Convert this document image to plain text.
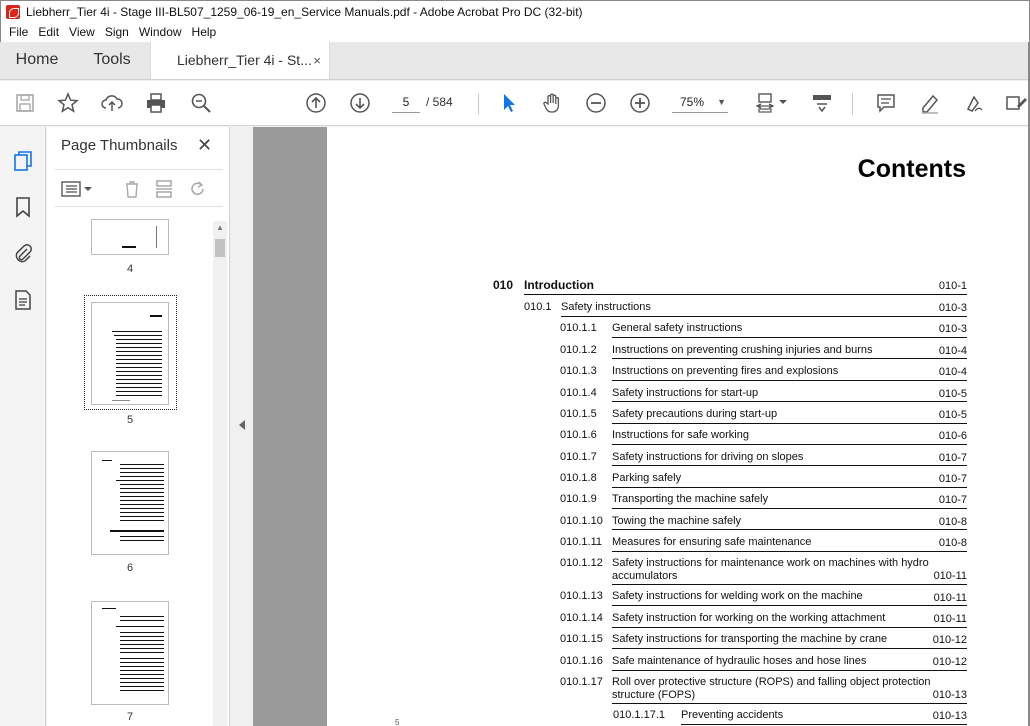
Liebherr_Tier 4i - Stage III-BL507_1259_06-19_en_Service Manuals.pdf - Adobe Acrobat Pro DC (32-bit)
File Edit View Sign Window Help
Home	Tools	Liebherr_Tier 4i - St... ×
5	/ 584	75% ▼
Page Thumbnails ✕
4
5
6
7
▲
Contents
010 Introduction	010-1
010.1 Safety instructions	010-3
010.1.1 General safety instructions	010-3
010.1.2 Instructions on preventing crushing injuries and burns	010-4
010.1.3 Instructions on preventing fires and explosions	010-4
010.1.4 Safety instructions for start-up	010-5
010.1.5 Safety precautions during start-up	010-5
010.1.6 Instructions for safe working	010-6
010.1.7 Safety instructions for driving on slopes	010-7
010.1.8 Parking safely	010-7
010.1.9 Transporting the machine safely	010-7
010.1.10 Towing the machine safely	010-8
010.1.11 Measures for ensuring safe maintenance	010-8
010.1.12 Safety instructions for maintenance work on machines with hydro
accumulators	010-11
010.1.13 Safety instructions for welding work on the machine	010-11
010.1.14 Safety instruction for working on the working attachment	010-11
010.1.15 Safety instructions for transporting the machine by crane	010-12
010.1.16 Safe maintenance of hydraulic hoses and hose lines	010-12
010.1.17 Roll over protective structure (ROPS) and falling object protection
structure (FOPS)	010-13
010.1.17.1 Preventing accidents	010-13
5
